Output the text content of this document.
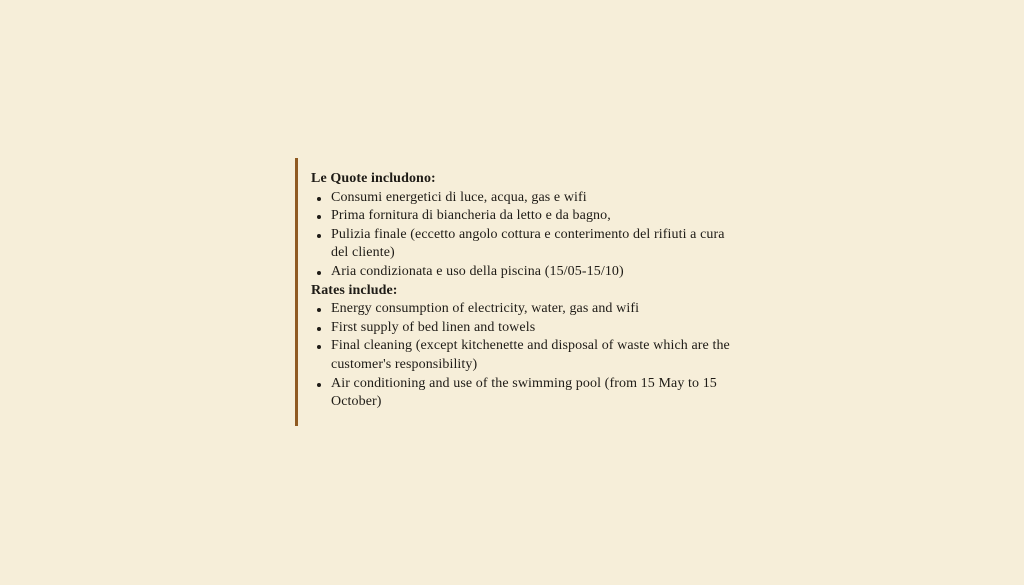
Le Quote includono:

Consumi energetici di luce, acqua, gas e wifi
Prima fornitura di biancheria da letto e da bagno,
Pulizia finale (eccetto angolo cottura e conterimento del rifiuti a cura del cliente)
Aria condizionata e uso della piscina (15/05-15/10)

Rates include:

Energy consumption of electricity, water, gas and wifi
First supply of bed linen and towels
Final cleaning (except kitchenette and disposal of waste which are the customer's responsibility)
Air conditioning and use of the swimming pool (from 15 May to 15 October)
